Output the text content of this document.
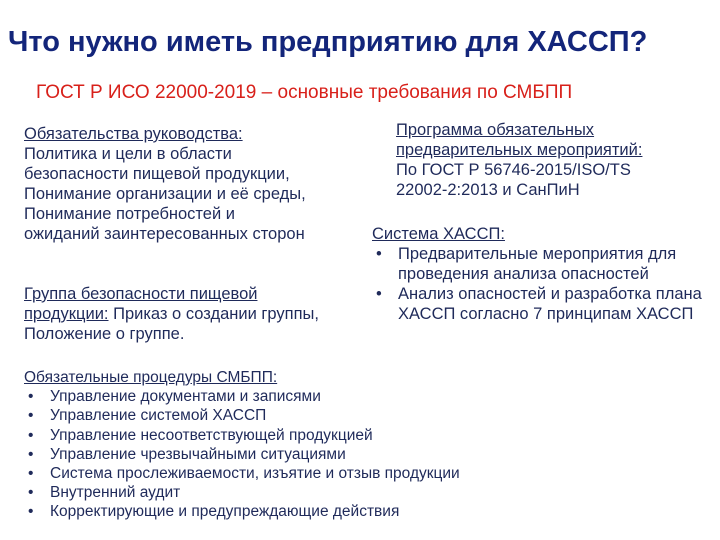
Что нужно иметь предприятию для ХАССП?
ГОСТ Р ИСО 22000-2019 – основные требования по СМБПП
Обязательства руководства:
Политика и цели в области
безопасности пищевой продукции,
Понимание организации и её среды,
Понимание потребностей и
ожиданий заинтересованных сторон
Программа обязательных
предварительных мероприятий:
По ГОСТ Р 56746-2015/ISO/TS
22002-2:2013 и СанПиН
Система ХАССП:
• Предварительные мероприятия для проведения анализа опасностей
• Анализ опасностей и разработка плана ХАССП согласно 7 принципам ХАССП
Группа безопасности пищевой
продукции: Приказ о создании группы,
Положение о группе.
Обязательные процедуры СМБПП:
• Управление документами и записями
• Управление системой ХАССП
• Управление несоответствующей продукцией
• Управление чрезвычайными ситуациями
• Система прослеживаемости, изъятие и отзыв продукции
• Внутренний аудит
• Корректирующие и предупреждающие действия
